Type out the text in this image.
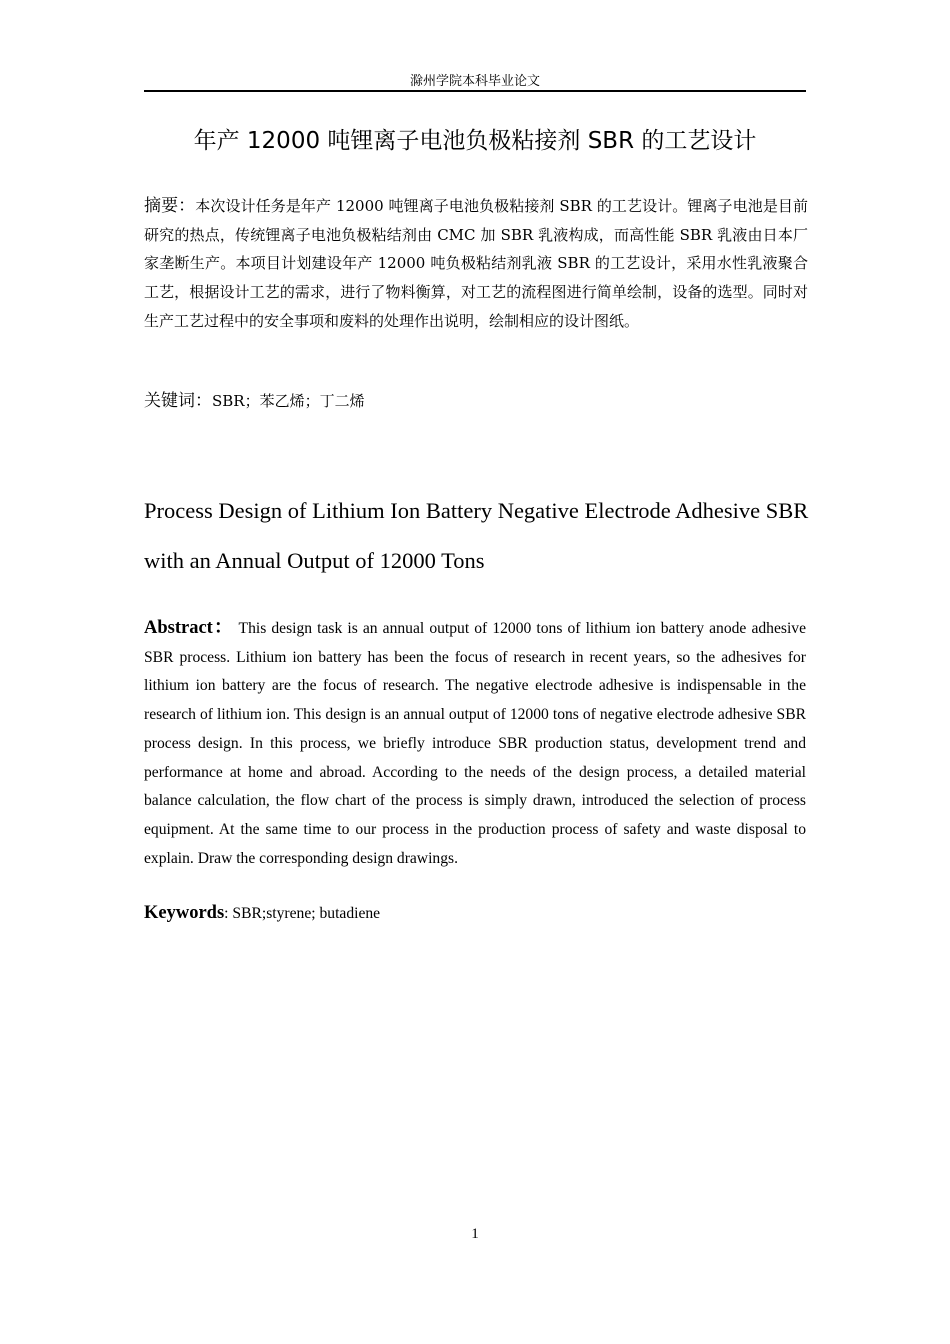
滁州学院本科毕业论文
年产 12000 吨锂离子电池负极粘接剂 SBR 的工艺设计

摘要：本次设计任务是年产 12000 吨锂离子电池负极粘接剂 SBR 的工艺设计。锂离子电池是目前研究的热点，传统锂离子电池负极粘结剂由 CMC 加 SBR 乳液构成，而高性能 SBR 乳液由日本厂家垄断生产。本项目计划建设年产 12000 吨负极粘结剂乳液 SBR 的工艺设计，采用水性乳液聚合工艺，根据设计工艺的需求，进行了物料衡算，对工艺的流程图进行简单绘制，设备的选型。同时对生产工艺过程中的安全事项和废料的处理作出说明，绘制相应的设计图纸。

关键词：SBR；苯乙烯；丁二烯

Process Design of Lithium Ion Battery Negative Electrode Adhesive SBR with an Annual Output of 12000 Tons

Abstract： This design task is an annual output of 12000 tons of lithium ion battery anode adhesive SBR process. Lithium ion battery has been the focus of research in recent years, so the adhesives for lithium ion battery are the focus of research. The negative electrode adhesive is indispensable in the research of lithium ion. This design is an annual output of 12000 tons of negative electrode adhesive SBR process design. In this process, we briefly introduce SBR production status, development trend and performance at home and abroad. According to the needs of the design process, a detailed material balance calculation, the flow chart of the process is simply drawn, introduced the selection of process equipment. At the same time to our process in the production process of safety and waste disposal to explain. Draw the corresponding design drawings.

Keywords: SBR;styrene; butadiene

1
